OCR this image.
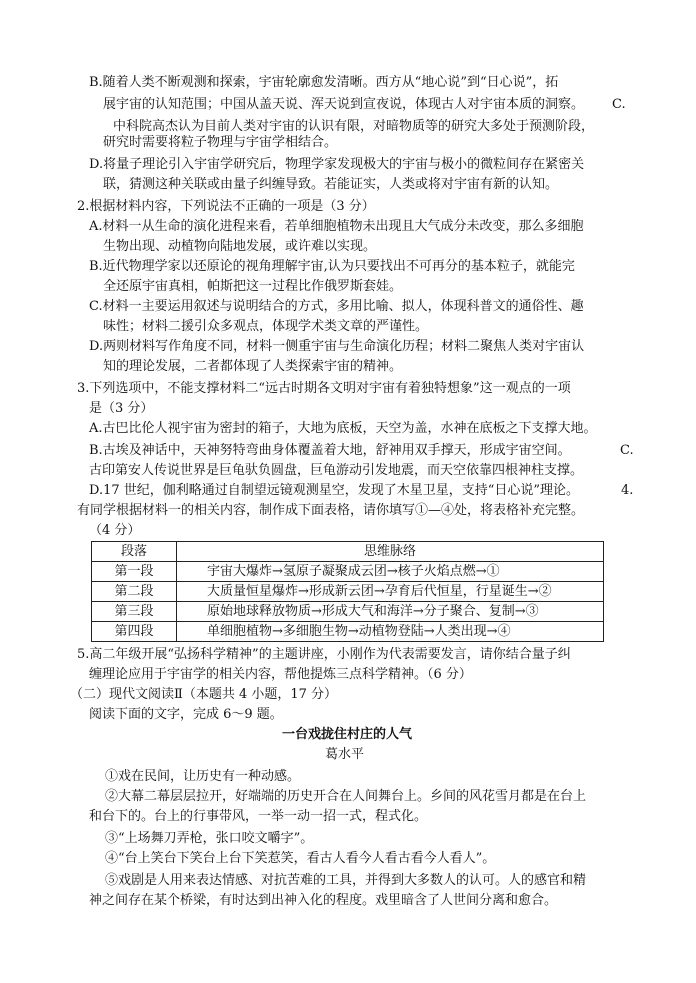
B.随着人类不断观测和探索，宇宙轮廓愈发清晰。西方从“地心说”到“日心说”，拓
展宇宙的认知范围；中国从盖天说、浑天说到宣夜说，体现古人对宇宙本质的洞察。 C.
中科院高杰认为目前人类对宇宙的认识有限，对暗物质等的研究大多处于预测阶段，
研究时需要将粒子物理与宇宙学相结合。
D.将量子理论引入宇宙学研究后，物理学家发现极大的宇宙与极小的微粒间存在紧密关
联，猜测这种关联或由量子纠缠导致。若能证实，人类或将对宇宙有新的认知。
2.根据材料内容，下列说法不正确的一项是（3 分）
A.材料一从生命的演化进程来看，若单细胞植物未出现且大气成分未改变，那么多细胞
生物出现、动植物向陆地发展，或许难以实现。
B.近代物理学家以还原论的视角理解宇宙,认为只要找出不可再分的基本粒子，就能完
全还原宇宙真相，帕斯把这一过程比作俄罗斯套娃。
C.材料一主要运用叙述与说明结合的方式，多用比喻、拟人，体现科普文的通俗性、趣
味性；材料二援引众多观点，体现学术类文章的严谨性。
D.两则材料写作角度不同，材料一侧重宇宙与生命演化历程；材料二聚焦人类对宇宙认
知的理论发展，二者都体现了人类探索宇宙的精神。
3.下列选项中，不能支撑材料二“远古时期各文明对宇宙有着独特想象”这一观点的一项
是（3 分）
A.古巴比伦人视宇宙为密封的箱子，大地为底板，天空为盖，水神在底板之下支撑大地。
B.古埃及神话中，天神努特弯曲身体覆盖着大地，舒神用双手撑天，形成宇宙空间。	C.
古印第安人传说世界是巨龟驮负圆盘，巨龟游动引发地震，而天空依靠四根神柱支撑。
D.17 世纪，伽利略通过自制望远镜观测星空，发现了木星卫星，支持“日心说”理论。	4.
有同学根据材料一的相关内容，制作成下面表格，请你填写①—④处，将表格补充完整。
（4 分）
段落	思维脉络
第一段	宇宙大爆炸→氢原子凝聚成云团→核子火焰点燃→①
第二段	大质量恒星爆炸→形成新云团→孕育后代恒星，行星诞生→②
第三段	原始地球释放物质→形成大气和海洋→分子聚合、复制→③
第四段	单细胞植物→多细胞生物→动植物登陆→人类出现→④
5.高二年级开展“弘扬科学精神”的主题讲座，小刚作为代表需要发言，请你结合量子纠
缠理论应用于宇宙学的相关内容，帮他提炼三点科学精神。（6 分）
（二）现代文阅读Ⅱ（本题共 4 小题，17 分）
阅读下面的文字，完成 6～9 题。
一台戏拢住村庄的人气
葛水平
①戏在民间，让历史有一种动感。
②大幕二幕层层拉开，好端端的历史开合在人间舞台上。乡间的风花雪月都是在台上
和台下的。台上的行事带风，一举一动一招一式，程式化。
③“上场舞刀弄枪，张口咬文嚼字”。
④“台上笑台下笑台上台下笑惹笑，看古人看今人看古看今人看人”。
⑤戏剧是人用来表达情感、对抗苦难的工具，并得到大多数人的认可。人的感官和精
神之间存在某个桥梁，有时达到出神入化的程度。戏里暗含了人世间分离和愈合。
